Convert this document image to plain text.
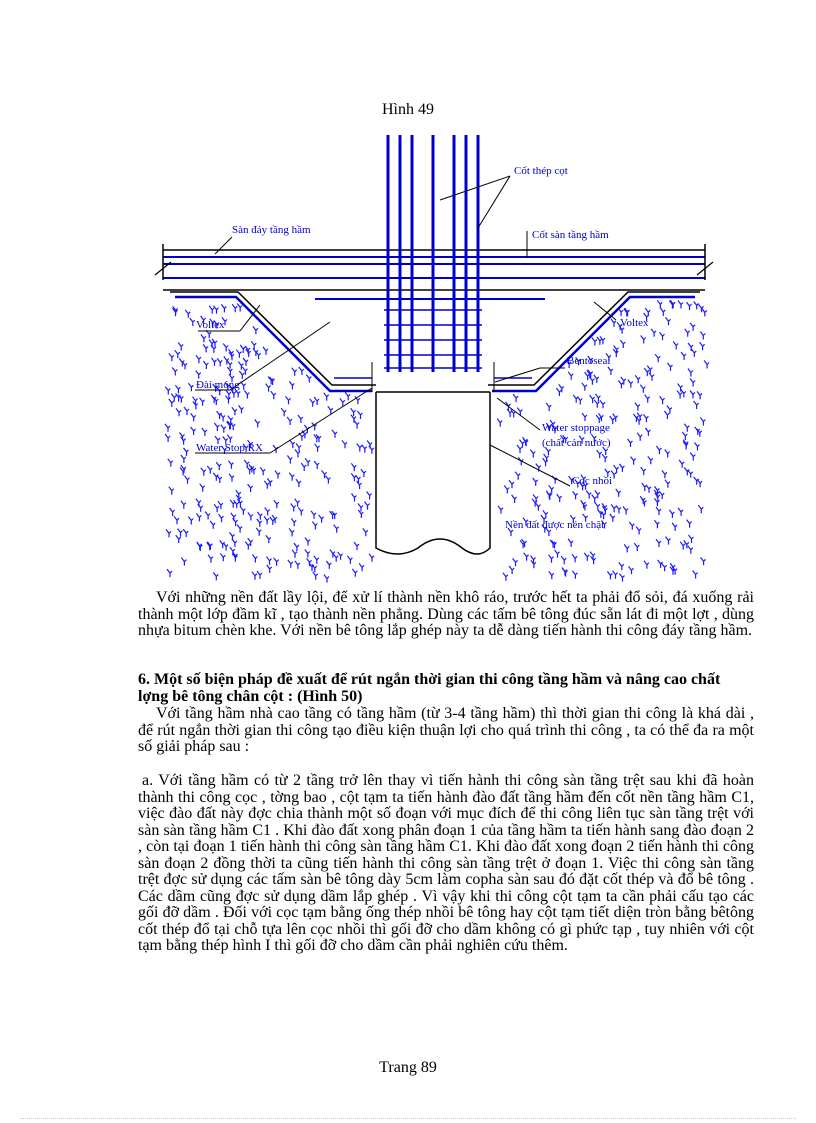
Hình 49
Cốt thép cọt
Sàn đáy tầng hầm	Cốt sàn tầng hầm
Voltex	Voltex
Bentoseal
Đài móng
Water stoppage
(chất cản nước)
Water Stop RX
Cọc nhồi
Nền đất được nén chặt

Với những nền đất lầy lội, để xử lí thành nền khô ráo, trước hết ta phải đổ sỏi, đá xuống rải thành một lớp đầm kĩ , tạo thành nền phẳng. Dùng các tấm bê tông đúc sẵn lát đi một lợt , dùng nhựa bitum chèn khe. Với nền bê tông lắp ghép này ta dễ dàng tiến hành thi công đáy tầng hầm.

6. Một số biện pháp đề xuất để rút ngắn thời gian thi công tầng hầm và nâng cao chất lợng bê tông chân cột : (Hình 50)

Với tầng hầm nhà cao tầng có tầng hầm (từ 3-4 tầng hầm) thì thời gian thi công là khá dài , để rút ngắn thời gian thi công tạo điều kiện thuận lợi cho quá trình thi công , ta có thể đa ra một số giải pháp sau :

a. Với tầng hầm có từ 2 tầng trở lên thay vì tiến hành thi công sàn tầng trệt sau khi đã hoàn thành thi công cọc , tờng bao , cột tạm ta tiến hành đào đất tầng hầm đến cốt nền tầng hầm C1, việc đào đất này đợc chia thành một số đoạn với mục đích để thi công liên tục sàn tầng trệt với sàn sàn tầng hầm C1 . Khi đào đất xong phân đoạn 1 của tầng hầm ta tiến hành sang đào đoạn 2 , còn tại đoạn 1 tiến hành thi công sàn tầng hầm C1. Khi đào đất xong đoạn 2 tiến hành thi công sàn đoạn 2 đồng thời ta cũng tiến hành thi công sàn tầng trệt ở đoạn 1. Việc thi công sàn tầng trệt đợc sử dụng các tấm sàn bê tông dày 5cm làm copha sàn sau đó đặt cốt thép và đổ bê tông . Các dầm cũng đợc sử dụng dầm lắp ghép . Vì vậy khi thi công cột tạm ta cần phải cấu tạo các gối đỡ dầm . Đối với cọc tạm bằng ống thép nhồi bê tông hay cột tạm tiết diện tròn bằng bêtông cốt thép đổ tại chỗ tựa lên cọc nhồi thì gối đỡ cho dầm không có gì phức tạp , tuy nhiên với cột tạm bằng thép hình I thì gối đỡ cho dầm cần phải nghiên cứu thêm.

Trang 89
